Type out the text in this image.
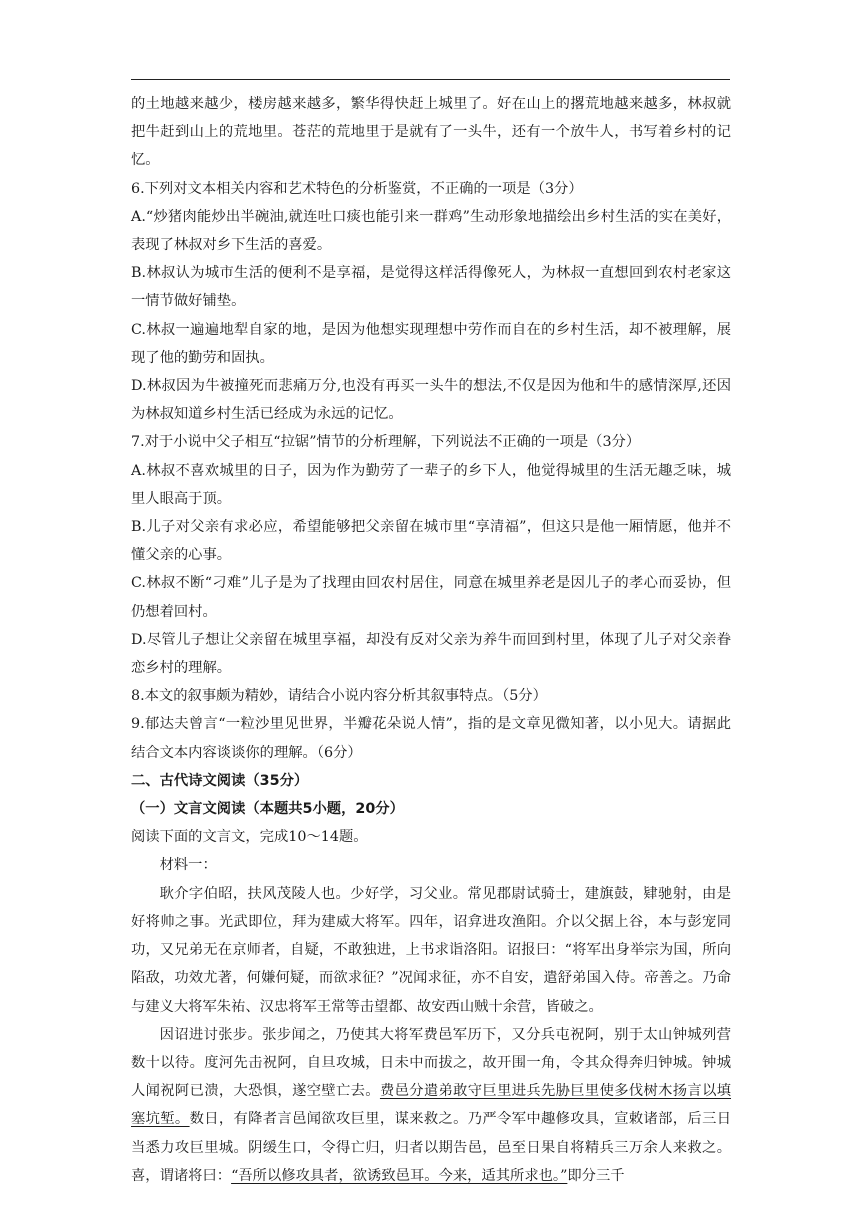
的土地越来越少，楼房越来越多，繁华得快赶上城里了。好在山上的撂荒地越来越多，林叔就把牛赶到山上的荒地里。苍茫的荒地里于是就有了一头牛，还有一个放牛人，书写着乡村的记忆。

6.下列对文本相关内容和艺术特色的分析鉴赏，不正确的一项是（3分）

A.“炒猪肉能炒出半碗油,就连吐口痰也能引来一群鸡”生动形象地描绘出乡村生活的实在美好，表现了林叔对乡下生活的喜爱。

B.林叔认为城市生活的便利不是享福，是觉得这样活得像死人，为林叔一直想回到农村老家这一情节做好铺垫。

C.林叔一遍遍地犁自家的地，是因为他想实现理想中劳作而自在的乡村生活，却不被理解，展现了他的勤劳和固执。

D.林叔因为牛被撞死而悲痛万分,也没有再买一头牛的想法,不仅是因为他和牛的感情深厚,还因为林叔知道乡村生活已经成为永远的记忆。

7.对于小说中父子相互“拉锯”情节的分析理解，下列说法不正确的一项是（3分）

A.林叔不喜欢城里的日子，因为作为勤劳了一辈子的乡下人，他觉得城里的生活无趣乏味，城里人眼高于顶。

B.儿子对父亲有求必应，希望能够把父亲留在城市里“享清福”，但这只是他一厢情愿，他并不懂父亲的心事。

C.林叔不断“刁难”儿子是为了找理由回农村居住，同意在城里养老是因儿子的孝心而妥协，但仍想着回村。

D.尽管儿子想让父亲留在城里享福，却没有反对父亲为养牛而回到村里，体现了儿子对父亲眷恋乡村的理解。

8.本文的叙事颇为精妙，请结合小说内容分析其叙事特点。（5分）

9.郁达夫曾言“一粒沙里见世界，半瓣花朵说人情”，指的是文章见微知著，以小见大。请据此结合文本内容谈谈你的理解。（6分）

二、古代诗文阅读（35分）

（一）文言文阅读（本题共5小题，20分）

阅读下面的文言文，完成10～14题。

材料一：

耿介字伯昭，扶风茂陵人也。少好学，习父业。常见郡尉试骑士，建旗鼓，肄驰射，由是好将帅之事。光武即位，拜为建威大将军。四年，诏弇进攻渔阳。介以父据上谷，本与彭宠同功，又兄弟无在京师者，自疑，不敢独进，上书求诣洛阳。诏报曰：“将军出身举宗为国，所向陷敌，功效尤著，何嫌何疑，而欲求征？”况闻求征，亦不自安，遣舒弟国入侍。帝善之。乃命与建义大将军朱祐、汉忠将军王常等击望都、故安西山贼十余营，皆破之。

因诏进讨张步。张步闻之，乃使其大将军费邑军历下，又分兵屯祝阿，别于太山钟城列营数十以待。度河先击祝阿，自旦攻城，日未中而拔之，故开围一角，令其众得奔归钟城。钟城人闻祝阿已溃，大恐惧，遂空壁亡去。费邑分遣弟敢守巨里进兵先胁巨里使多伐树木扬言以填塞坑堑。数日，有降者言邑闻欲攻巨里，谋来救之。乃严令军中趣修攻具，宣敕诸部，后三日当悉力攻巨里城。阴缓生口，令得亡归，归者以期告邑，邑至日果自将精兵三万余人来救之。喜，谓诸将曰：“吾所以修攻具者，欲诱致邑耳。今来，适其所求也。”即分三千
